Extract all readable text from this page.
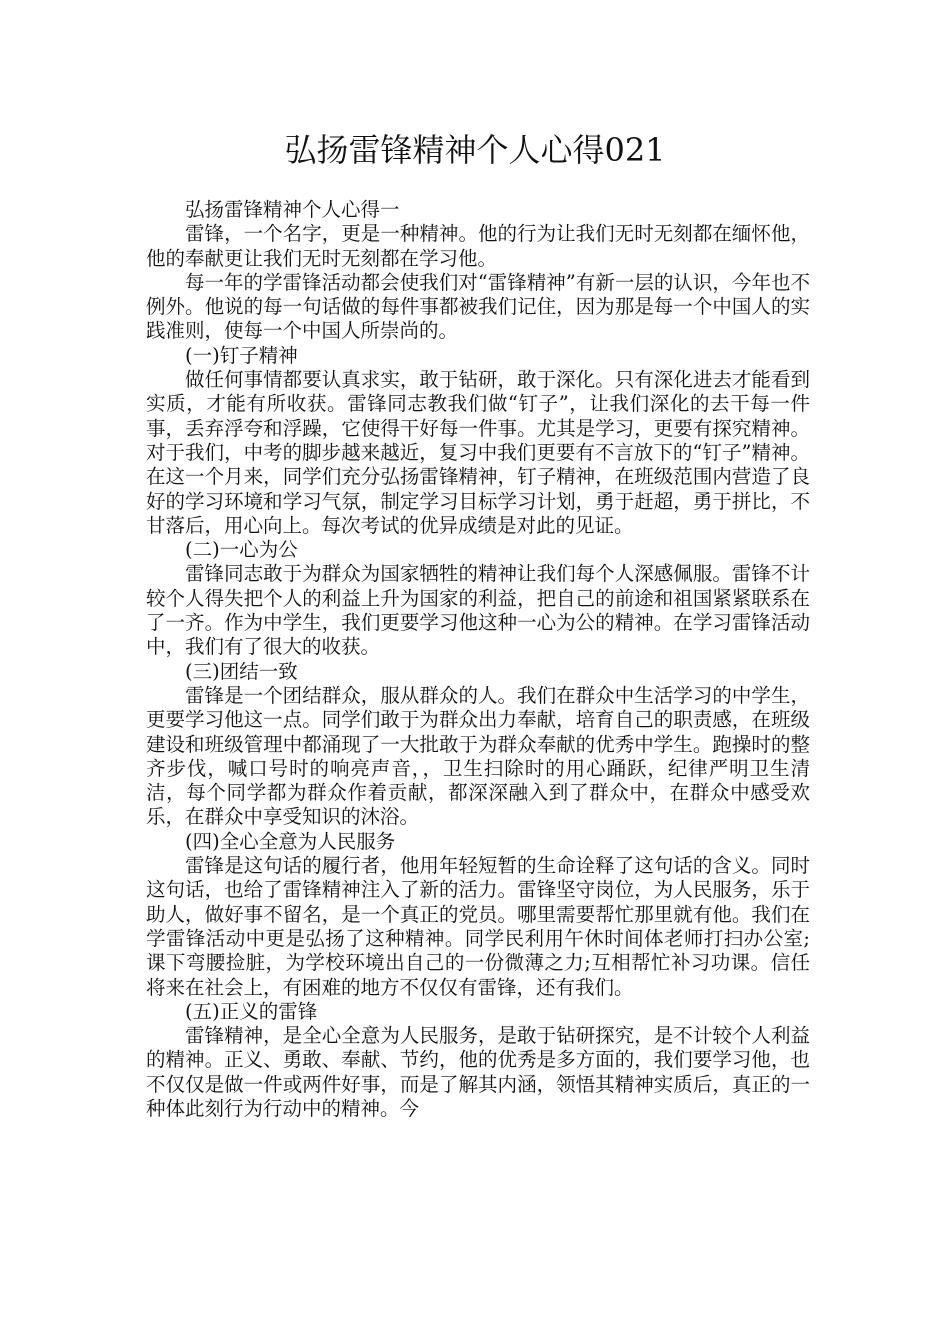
弘扬雷锋精神个人心得021

弘扬雷锋精神个人心得一

雷锋，一个名字，更是一种精神。他的行为让我们无时无刻都在缅怀他，他的奉献更让我们无时无刻都在学习他。

每一年的学雷锋活动都会使我们对“雷锋精神”有新一层的认识，今年也不例外。他说的每一句话做的每件事都被我们记住，因为那是每一个中国人的实践准则，使每一个中国人所崇尚的。

(一)钉子精神

做任何事情都要认真求实，敢于钻研，敢于深化。只有深化进去才能看到实质，才能有所收获。雷锋同志教我们做“钉子”，让我们深化的去干每一件事，丢弃浮夸和浮躁，它使得干好每一件事。尤其是学习，更要有探究精神。对于我们，中考的脚步越来越近，复习中我们更要有不言放下的“钉子”精神。在这一个月来，同学们充分弘扬雷锋精神，钉子精神，在班级范围内营造了良好的学习环境和学习气氛，制定学习目标学习计划，勇于赶超，勇于拼比，不甘落后，用心向上。每次考试的优异成绩是对此的见证。

(二)一心为公

雷锋同志敢于为群众为国家牺牲的精神让我们每个人深感佩服。雷锋不计较个人得失把个人的利益上升为国家的利益，把自己的前途和祖国紧紧联系在了一齐。作为中学生，我们更要学习他这种一心为公的精神。在学习雷锋活动中，我们有了很大的收获。

(三)团结一致

雷锋是一个团结群众，服从群众的人。我们在群众中生活学习的中学生，更要学习他这一点。同学们敢于为群众出力奉献，培育自己的职责感，在班级建设和班级管理中都涌现了一大批敢于为群众奉献的优秀中学生。跑操时的整齐步伐，喊口号时的响亮声音，，卫生扫除时的用心踊跃，纪律严明卫生清洁，每个同学都为群众作着贡献，都深深融入到了群众中，在群众中感受欢乐，在群众中享受知识的沐浴。

(四)全心全意为人民服务

雷锋是这句话的履行者，他用年轻短暂的生命诠释了这句话的含义。同时这句话，也给了雷锋精神注入了新的活力。雷锋坚守岗位，为人民服务，乐于助人，做好事不留名，是一个真正的党员。哪里需要帮忙那里就有他。我们在学雷锋活动中更是弘扬了这种精神。同学民利用午休时间体老师打扫办公室;课下弯腰捡脏，为学校环境出自己的一份微薄之力;互相帮忙补习功课。信任将来在社会上，有困难的地方不仅仅有雷锋，还有我们。

(五)正义的雷锋

雷锋精神，是全心全意为人民服务，是敢于钻研探究，是不计较个人利益的精神。正义、勇敢、奉献、节约，他的优秀是多方面的，我们要学习他，也不仅仅是做一件或两件好事，而是了解其内涵，领悟其精神实质后，真正的一种体此刻行为行动中的精神。今
